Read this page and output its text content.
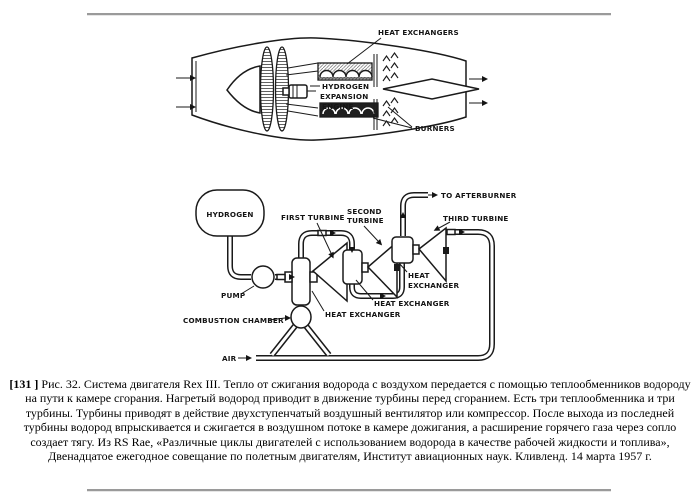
HEAT EXCHANGERS
HYDROGEN
EXPANSION
ENGINE
BURNERS
HYDROGEN
PUMP
COMBUSTION CHAMBER
AIR
FIRST TURBINE
SECOND
TURBINE	THIRD TURBINE
TO AFTERBURNER
HEAT
EXCHANGER
HEAT EXCHANGER
HEAT EXCHANGER

[131 ] Рис. 32. Система двигателя Rex III. Тепло от сжигания водорода с воздухом передается с помощью теплообменников водороду на пути к камере сгорания. Нагретый водород приводит в движение турбины перед сгоранием. Есть три теплообменника и три турбины. Турбины приводят в действие двухступенчатый воздушный вентилятор или компрессор. После выхода из последней турбины водород впрыскивается и сжигается в воздушном потоке в камере дожигания, а расширение горячего газа через сопло создает тягу. Из RS Rae, «Различные циклы двигателей с использованием водорода в качестве рабочей жидкости и топлива», Двенадцатое ежегодное совещание по полетным двигателям, Институт авиационных наук. Кливленд. 14 марта 1957 г.
